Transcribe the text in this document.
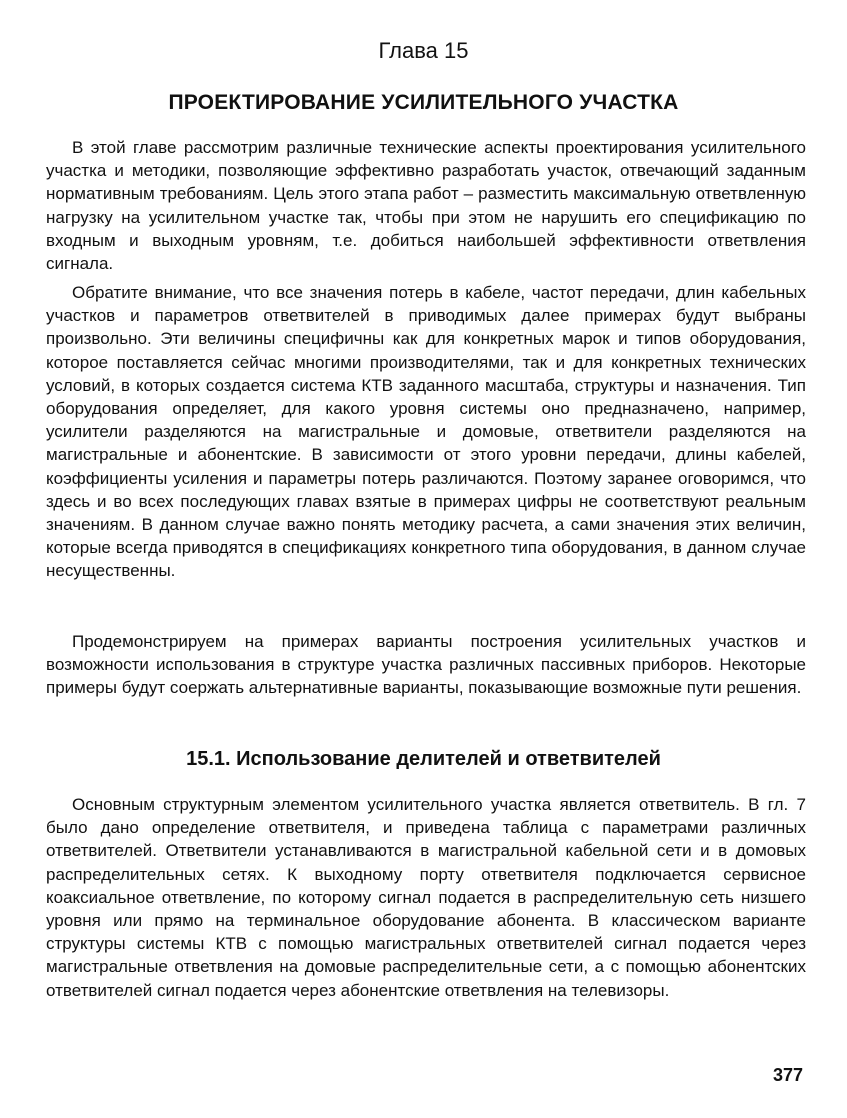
Глава 15
ПРОЕКТИРОВАНИЕ УСИЛИТЕЛЬНОГО УЧАСТКА

В этой главе рассмотрим различные технические аспекты проектирования усилительного участка и методики, позволяющие эффективно разработать участок, отвечающий заданным нормативным требованиям. Цель этого этапа работ – разместить максимальную ответвленную нагрузку на усилительном участке так, чтобы при этом не нарушить его спецификацию по входным и выходным уровням, т.е. добиться наибольшей эффективности ответвления сигнала.

Обратите внимание, что все значения потерь в кабеле, частот передачи, длин кабельных участков и параметров ответвителей в приводимых далее примерах будут выбраны произвольно. Эти величины специфичны как для конкретных марок и типов оборудования, которое поставляется сейчас многими производителями, так и для конкретных технических условий, в которых создается система КТВ заданного масштаба, структуры и назначения. Тип оборудования определяет, для какого уровня системы оно предназначено, например, усилители разделяются на магистральные и домовые, ответвители разделяются на магистральные и абонентские. В зависимости от этого уровни передачи, длины кабелей, коэффициенты усиления и параметры потерь различаются. Поэтому заранее оговоримся, что здесь и во всех последующих главах взятые в примерах цифры не соответствуют реальным значениям. В данном случае важно понять методику расчета, а сами значения этих величин, которые всегда приводятся в спецификациях конкретного типа оборудования, в данном случае несущественны.

Продемонстрируем на примерах варианты построения усилительных участков и возможности использования в структуре участка различных пассивных приборов. Некоторые примеры будут соержать альтернативные варианты, показывающие возможные пути решения.

15.1. Использование делителей и ответвителей

Основным структурным элементом усилительного участка является ответвитель. В гл. 7 было дано определение ответвителя, и приведена таблица с параметрами различных ответвителей. Ответвители устанавливаются в магистральной кабельной сети и в домовых распределительных сетях. К выходному порту ответвителя подключается сервисное коаксиальное ответвление, по которому сигнал подается в распределительную сеть низшего уровня или прямо на терминальное оборудование абонента. В классическом варианте структуры системы КТВ с помощью магистральных ответвителей сигнал подается через магистральные ответвления на домовые распределительные сети, а с помощью абонентских ответвителей сигнал подается через абонентские ответвления на телевизоры.

377
